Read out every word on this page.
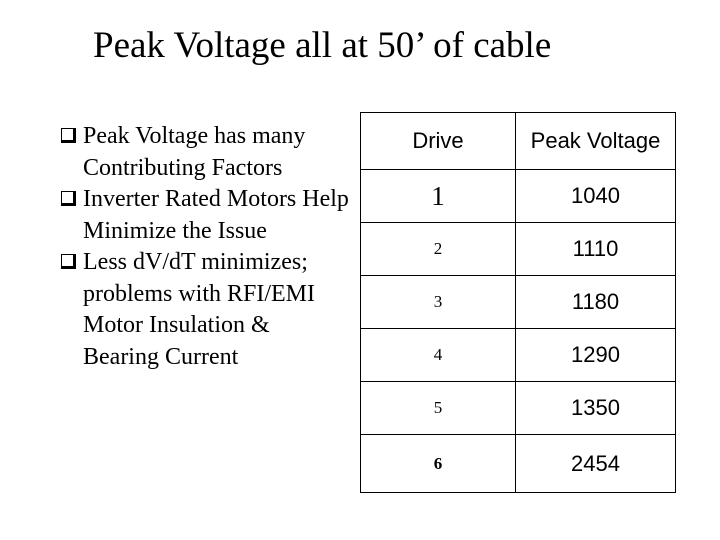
Peak Voltage all at 50’ of cable
Peak Voltage has many Contributing Factors
Inverter Rated Motors Help Minimize the Issue
Less dV/dT minimizes; problems with RFI/EMI Motor Insulation & Bearing Current
Drive	Peak Voltage
1	1040
2	1110
3	1180
4	1290
5	1350
6	2454
